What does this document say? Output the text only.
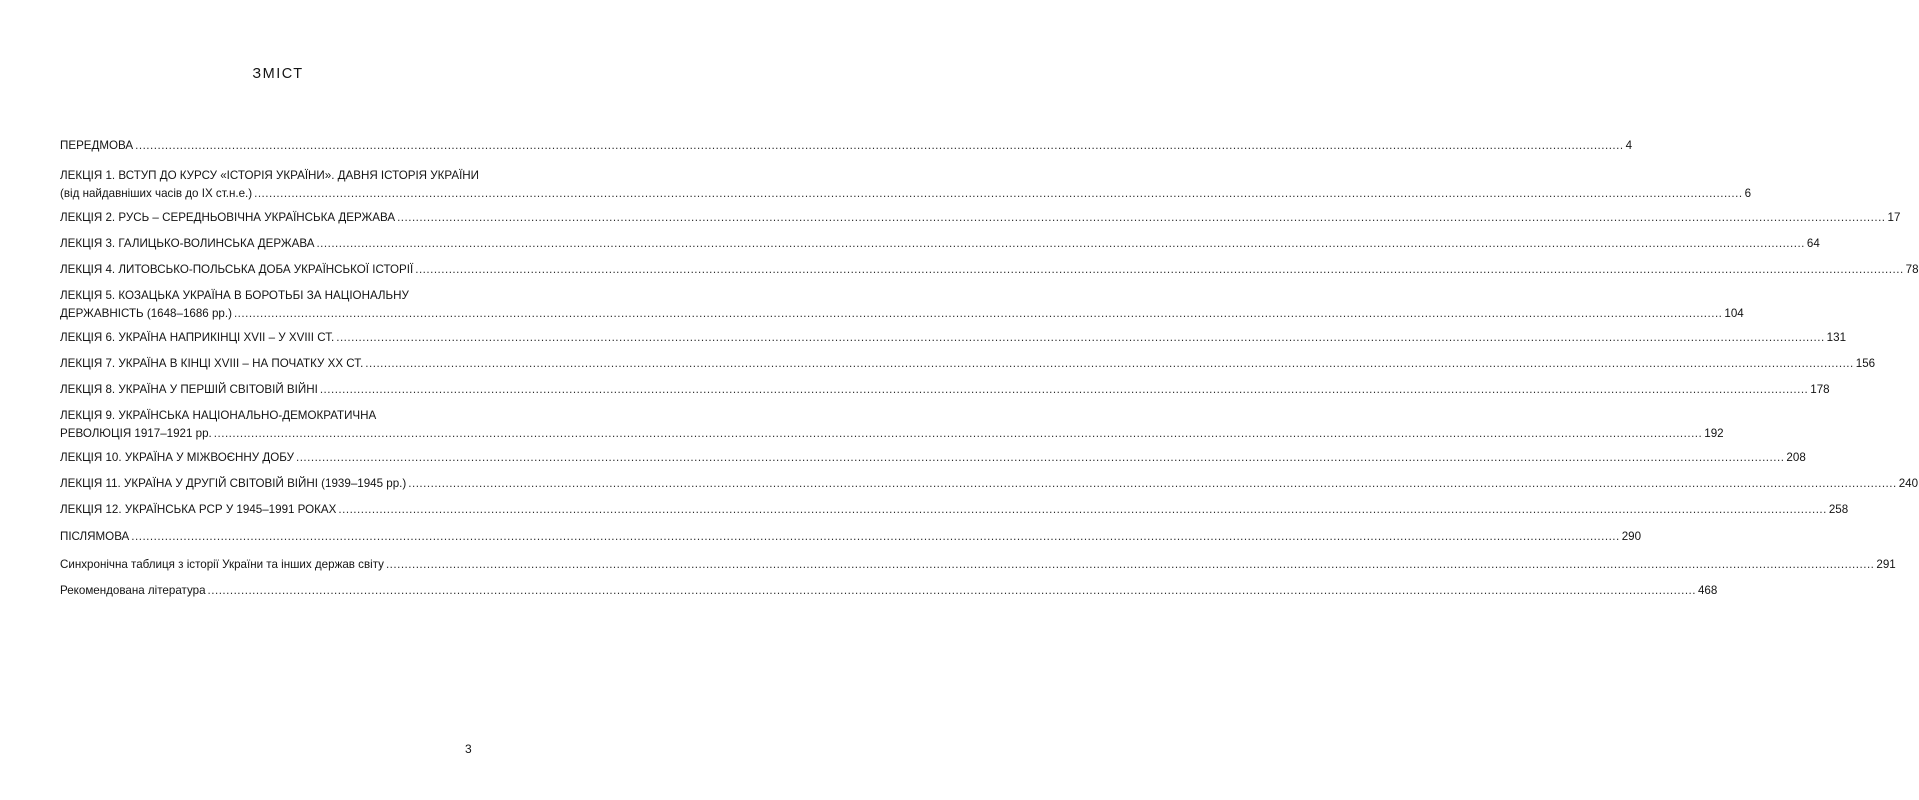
ЗМІСТ
ПЕРЕДМОВА ................................................................................................................................................................................................................................................................................................................................................................................................................ 4
ЛЕКЦІЯ 1. ВСТУП ДО КУРСУ «ІСТОРІЯ УКРАЇНИ». ДАВНЯ ІСТОРІЯ УКРАЇНИ
(від найдавніших часів до IX ст.н.е.) ................................................................................................................................................................................................................................................................................................................................................................................................................ 6
ЛЕКЦІЯ 2. РУСЬ – СЕРЕДНЬОВІЧНА УКРАЇНСЬКА ДЕРЖАВА ................................................................................................................................................................................................................................................................................................................................................................................................................ 17
ЛЕКЦІЯ 3. ГАЛИЦЬКО-ВОЛИНСЬКА ДЕРЖАВА ................................................................................................................................................................................................................................................................................................................................................................................................................ 64
ЛЕКЦІЯ 4. ЛИТОВСЬКО-ПОЛЬСЬКА ДОБА УКРАЇНСЬКОЇ ІСТОРІЇ ................................................................................................................................................................................................................................................................................................................................................................................................................ 78
ЛЕКЦІЯ 5. КОЗАЦЬКА УКРАЇНА В БОРОТЬБІ ЗА НАЦІОНАЛЬНУ
ДЕРЖАВНІСТЬ (1648–1686 рр.) ................................................................................................................................................................................................................................................................................................................................................................................................................ 104
ЛЕКЦІЯ 6. УКРАЇНА НАПРИКІНЦІ XVII – У XVIII СТ. ................................................................................................................................................................................................................................................................................................................................................................................................................ 131
ЛЕКЦІЯ 7. УКРАЇНА В КІНЦІ XVIII – НА ПОЧАТКУ XX СТ. ................................................................................................................................................................................................................................................................................................................................................................................................................ 156
ЛЕКЦІЯ 8. УКРАЇНА У ПЕРШІЙ СВІТОВІЙ ВІЙНІ ................................................................................................................................................................................................................................................................................................................................................................................................................ 178
ЛЕКЦІЯ 9. УКРАЇНСЬКА НАЦІОНАЛЬНО-ДЕМОКРАТИЧНА
РЕВОЛЮЦІЯ 1917–1921 рр. ................................................................................................................................................................................................................................................................................................................................................................................................................ 192
ЛЕКЦІЯ 10. УКРАЇНА У МІЖВОЄННУ ДОБУ ................................................................................................................................................................................................................................................................................................................................................................................................................ 208
ЛЕКЦІЯ 11. УКРАЇНА У ДРУГІЙ СВІТОВІЙ ВІЙНІ (1939–1945 рр.) ................................................................................................................................................................................................................................................................................................................................................................................................................ 240
ЛЕКЦІЯ 12. УКРАЇНСЬКА РСР У 1945–1991 РОКАХ ................................................................................................................................................................................................................................................................................................................................................................................................................ 258
ПІСЛЯМОВА ................................................................................................................................................................................................................................................................................................................................................................................................................ 290
Синхронічна таблиця з історії України та інших держав світу ................................................................................................................................................................................................................................................................................................................................................................................................................ 291
Рекомендована література ................................................................................................................................................................................................................................................................................................................................................................................................................ 468
3
